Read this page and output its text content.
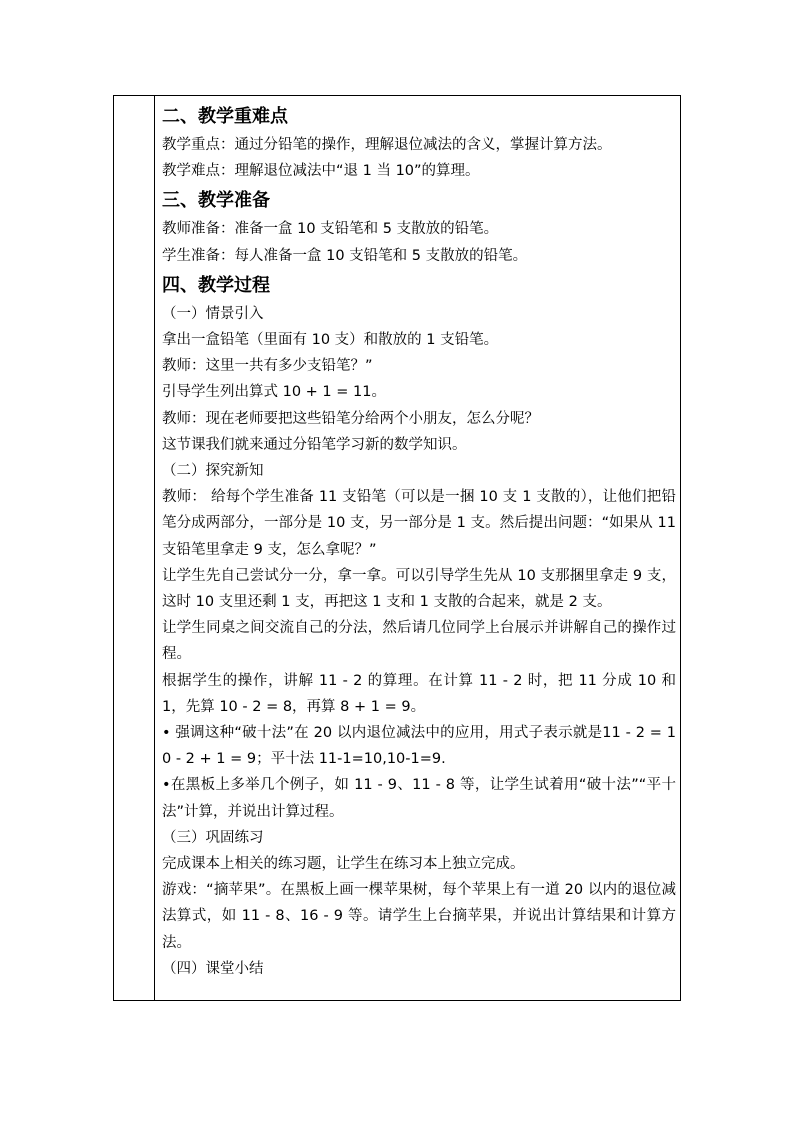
二、教学重难点

教学重点：通过分铅笔的操作，理解退位减法的含义，掌握计算方法。

教学难点：理解退位减法中“退 1 当 10”的算理。

三、教学准备

教师准备：准备一盒 10 支铅笔和 5 支散放的铅笔。

学生准备：每人准备一盒 10 支铅笔和 5 支散放的铅笔。

四、教学过程

（一）情景引入

拿出一盒铅笔（里面有 10 支）和散放的 1 支铅笔。

教师：这里一共有多少支铅笔？”

引导学生列出算式 10 + 1 = 11。

教师：现在老师要把这些铅笔分给两个小朋友，怎么分呢？

这节课我们就来通过分铅笔学习新的数学知识。

（二）探究新知

教师： 给每个学生准备 11 支铅笔（可以是一捆 10 支 1 支散的），让他们把铅笔分成两部分，一部分是 10 支，另一部分是 1 支。然后提出问题：“如果从 11 支铅笔里拿走 9 支，怎么拿呢？”

让学生先自己尝试分一分，拿一拿。可以引导学生先从 10 支那捆里拿走 9 支，这时 10 支里还剩 1 支，再把这 1 支和 1 支散的合起来，就是 2 支。

让学生同桌之间交流自己的分法，然后请几位同学上台展示并讲解自己的操作过程。

根据学生的操作，讲解 11 - 2 的算理。在计算 11 - 2 时，把 11 分成 10 和 1，先算 10 - 2 = 8，再算 8 + 1 = 9。

• 强调这种“破十法”在 20 以内退位减法中的应用，用式子表示就是11 - 2 = 10 - 2 + 1 = 9；平十法 11-1=10,10-1=9.

•在黑板上多举几个例子，如 11 - 9、11 - 8 等，让学生试着用“破十法”“平十法”计算，并说出计算过程。

（三）巩固练习

完成课本上相关的练习题，让学生在练习本上独立完成。

游戏：“摘苹果”。在黑板上画一棵苹果树，每个苹果上有一道 20 以内的退位减法算式，如 11 - 8、16 - 9 等。请学生上台摘苹果，并说出计算结果和计算方法。

（四）课堂小结
